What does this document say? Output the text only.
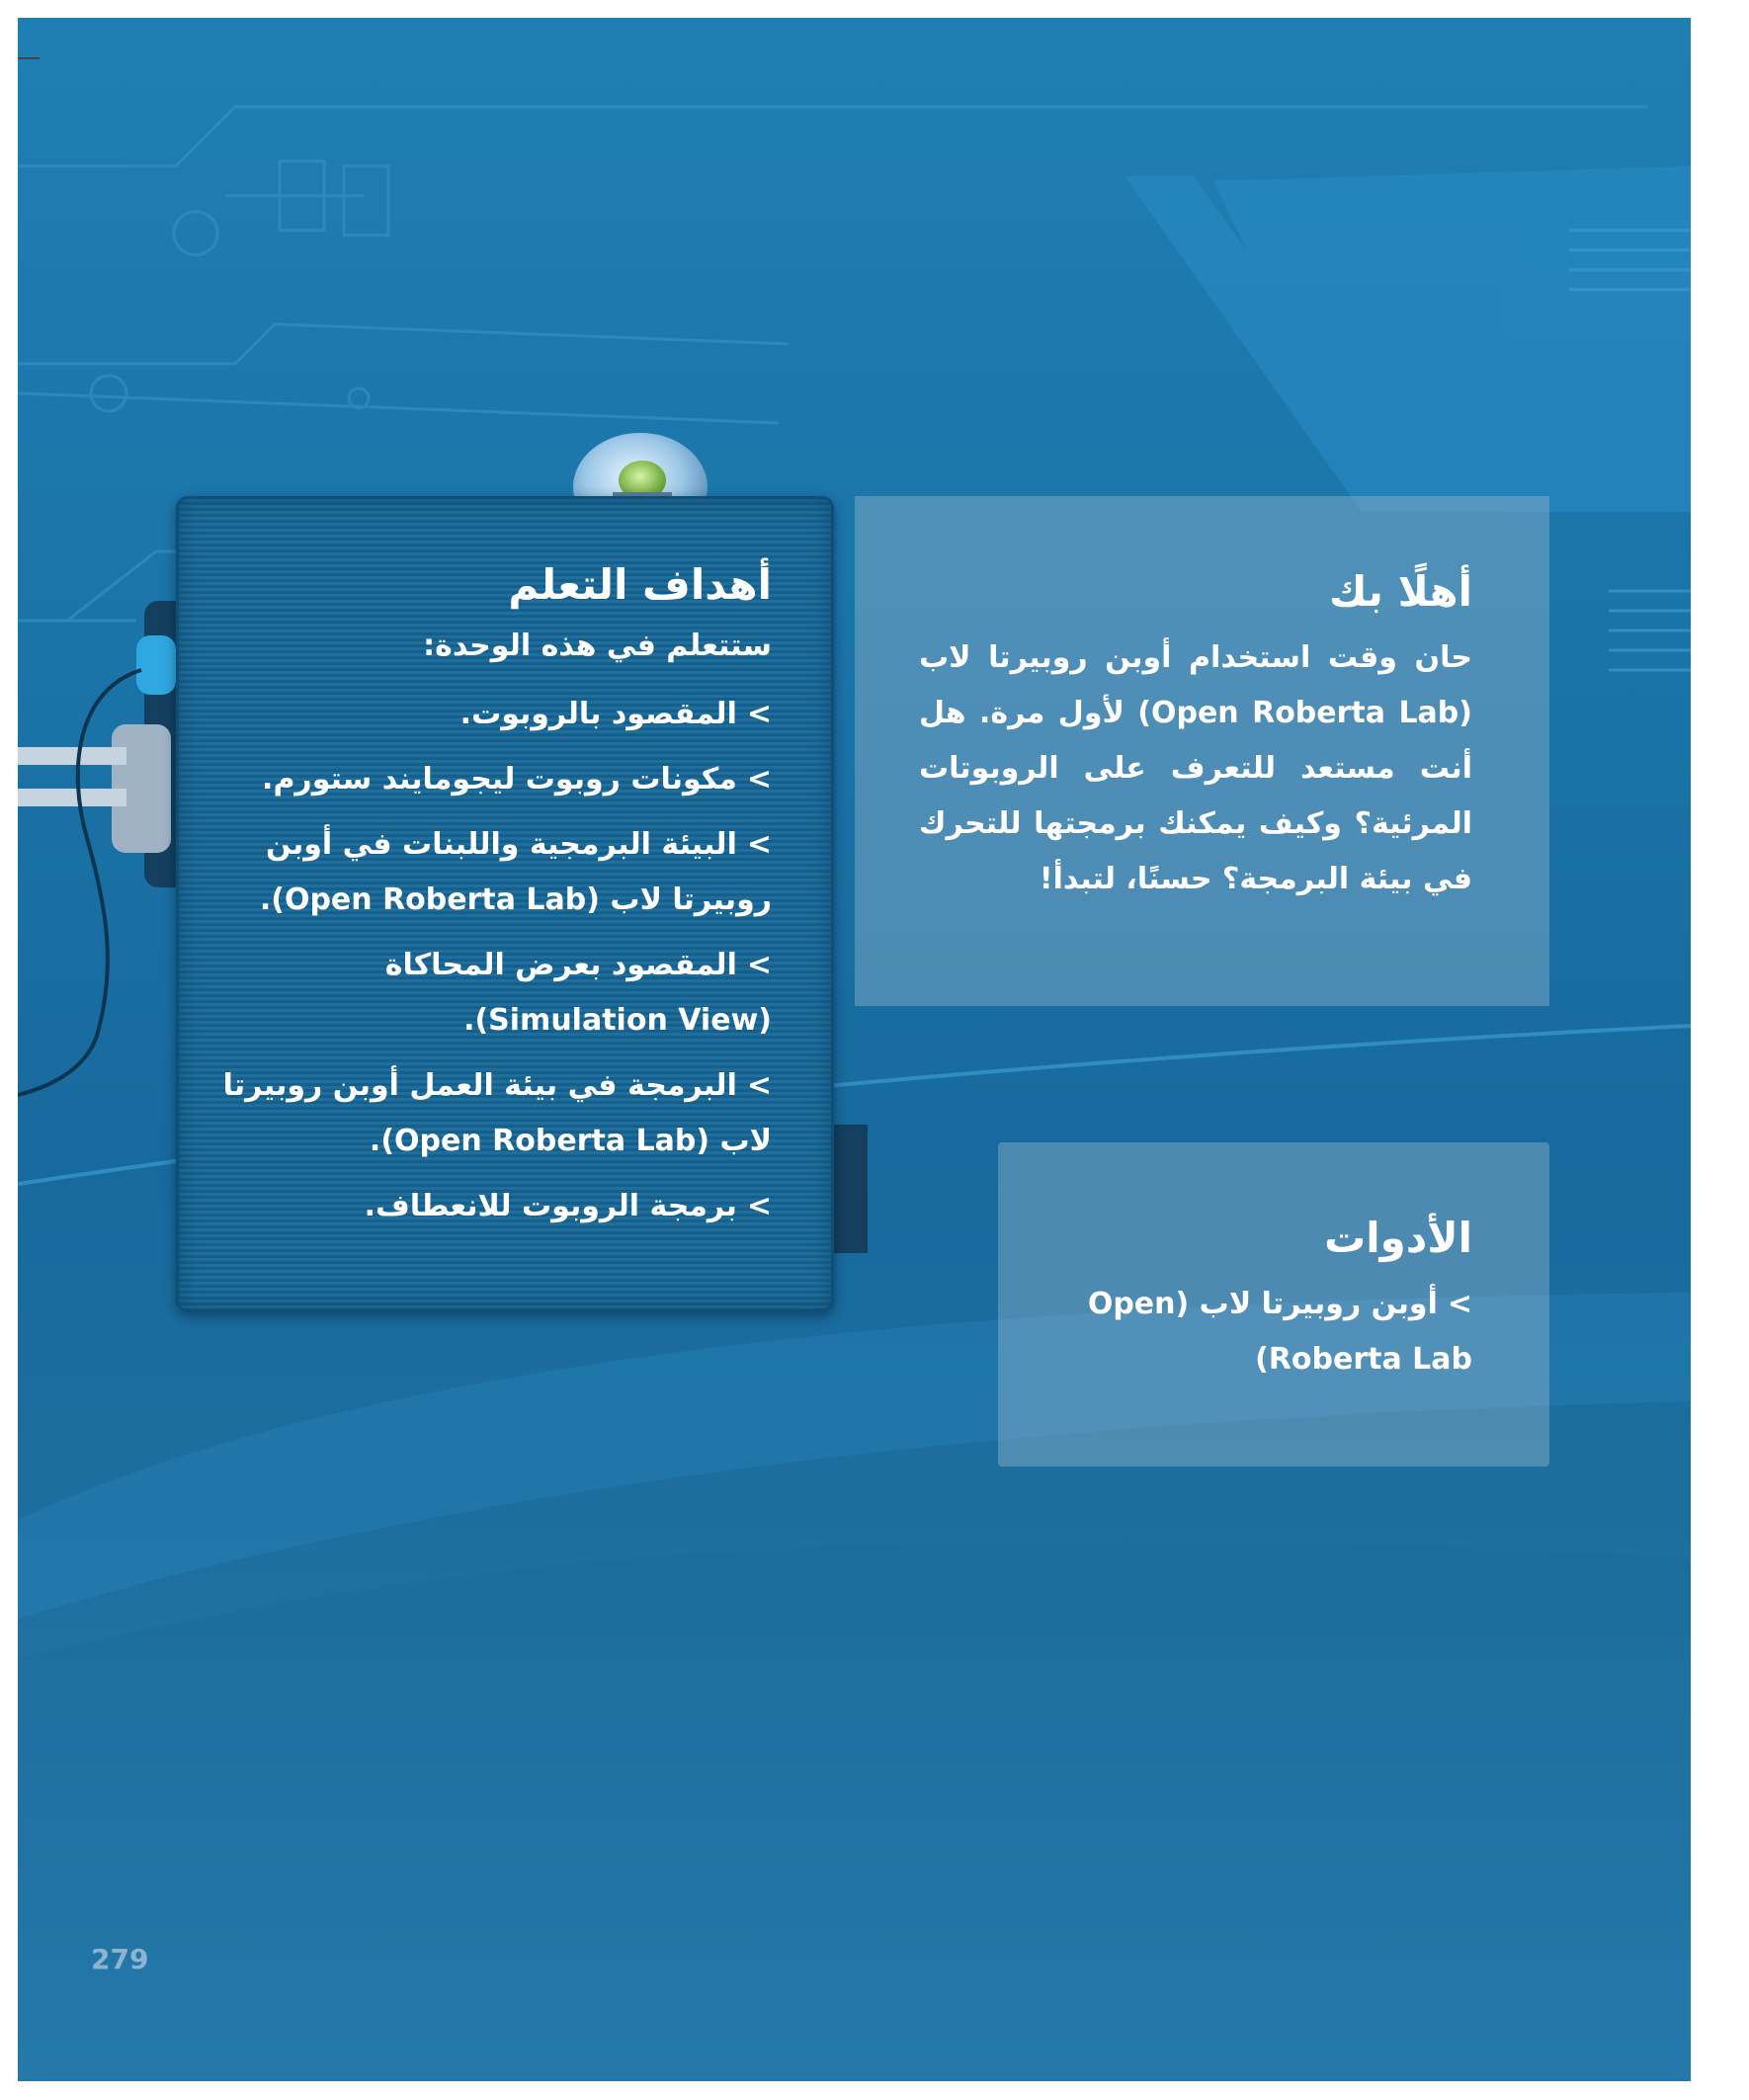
أهداف التعلم

ستتعلم في هذه الوحدة:

>المقصود بالروبوت.
>مكونات روبوت ليجومايند ستورم.
>البيئة البرمجية واللبنات في أوبن روبيرتا لاب (Open Roberta Lab).
>المقصود بعرض المحاكاة (Simulation View).
>البرمجة في بيئة العمل أوبن روبيرتا لاب (Open Roberta Lab).
>برمجة الروبوت للانعطاف.
أهلًا بك

حان وقت استخدام أوبن روبيرتا لاب (Open Roberta Lab) لأول مرة. هل أنت مستعد للتعرف على الروبوتات المرئية؟ وكيف يمكنك برمجتها للتحرك في بيئة البرمجة؟ حسنًا، لتبدأ!

الأدوات
>أوبن روبيرتا لاب (Open Roberta Lab)
279
